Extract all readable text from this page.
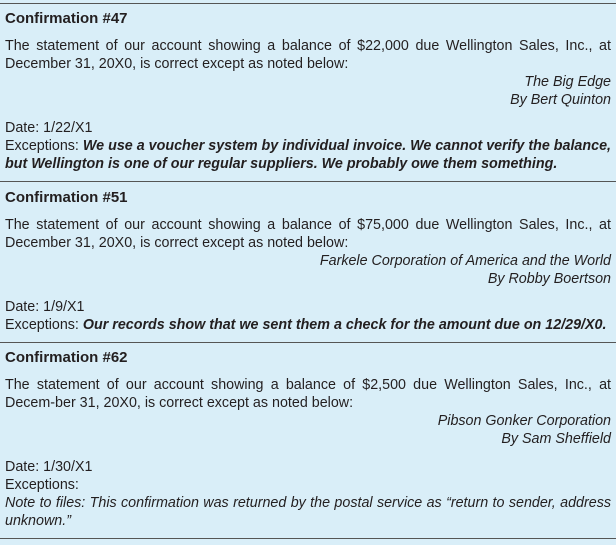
Confirmation #47

The statement of our account showing a balance of $22,000 due Wellington Sales, Inc., at December 31, 20X0, is correct except as noted below:

The Big Edge

By Bert Quinton

Date: 1/22/X1
Exceptions: We use a voucher system by individual invoice. We cannot verify the balance, but Wellington is one of our regular suppliers. We probably owe them something.
Confirmation #51

The statement of our account showing a balance of $75,000 due Wellington Sales, Inc., at December 31, 20X0, is correct except as noted below:

Farkele Corporation of America and the World

By Robby Boertson

Date: 1/9/X1
Exceptions: Our records show that we sent them a check for the amount due on 12/29/X0.
Confirmation #62

The statement of our account showing a balance of $2,500 due Wellington Sales, Inc., at Decem-ber 31, 20X0, is correct except as noted below:

Pibson Gonker Corporation

By Sam Sheffield

Date: 1/30/X1
Exceptions:
Note to files: This confirmation was returned by the postal service as “return to sender, address unknown.”
